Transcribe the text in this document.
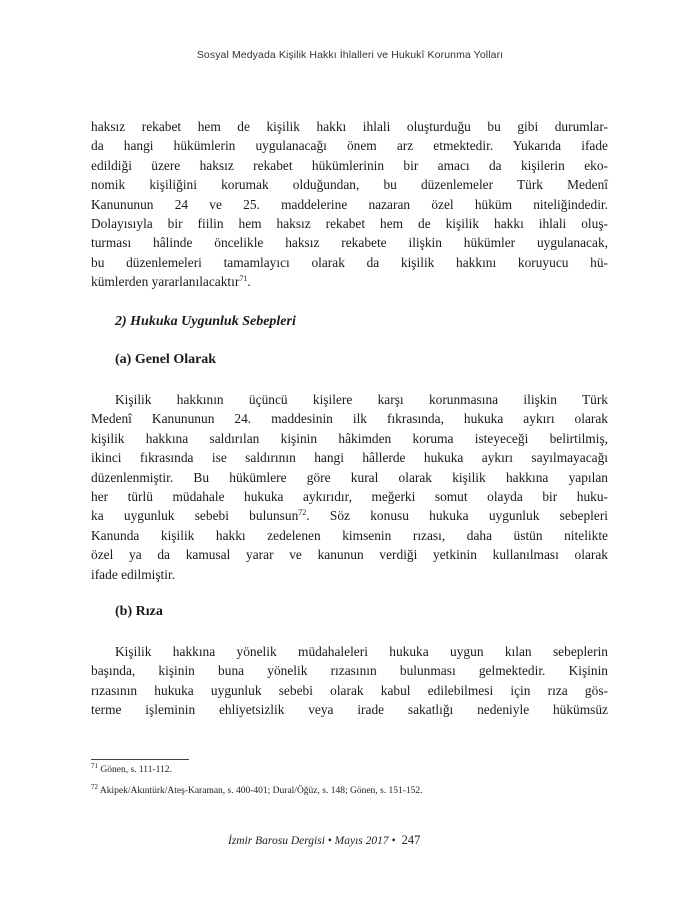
Sosyal Medyada Kişilik Hakkı İhlalleri ve Hukukî Korunma Yolları

haksız rekabet hem de kişilik hakkı ihlali oluşturduğu bu gibi durumlar-
da hangi hükümlerin uygulanacağı önem arz etmektedir. Yukarıda ifade
edildiği üzere haksız rekabet hükümlerinin bir amacı da kişilerin eko-
nomik kişiliğini korumak olduğundan, bu düzenlemeler Türk Medenî
Kanununun 24 ve 25. maddelerine nazaran özel hüküm niteliğindedir.
Dolayısıyla bir fiilin hem haksız rekabet hem de kişilik hakkı ihlali oluş-
turması hâlinde öncelikle haksız rekabete ilişkin hükümler uygulanacak,
bu düzenlemeleri tamamlayıcı olarak da kişilik hakkını koruyucu hü-
kümlerden yararlanılacaktır$^{71}$.

2) Hukuka Uygunluk Sebepleri
(a) Genel Olarak

Kişilik hakkının üçüncü kişilere karşı korunmasına ilişkin Türk
Medenî Kanununun 24. maddesinin ilk fıkrasında, hukuka aykırı olarak
kişilik hakkına saldırılan kişinin hâkimden koruma isteyeceği belirtilmiş,
ikinci fıkrasında ise saldırının hangi hâllerde hukuka aykırı sayılmayacağı
düzenlenmiştir. Bu hükümlere göre kural olarak kişilik hakkına yapılan
her türlü müdahale hukuka aykırıdır, meğerki somut olayda bir huku-
ka uygunluk sebebi bulunsun$^{72}$. Söz konusu hukuka uygunluk sebepleri
Kanunda kişilik hakkı zedelenen kimsenin rızası, daha üstün nitelikte
özel ya da kamusal yarar ve kanunun verdiği yetkinin kullanılması olarak
ifade edilmiştir.

(b) Rıza

Kişilik hakkına yönelik müdahaleleri hukuka uygun kılan sebeplerin
başında, kişinin buna yönelik rızasının bulunması gelmektedir. Kişinin
rızasının hukuka uygunluk sebebi olarak kabul edilebilmesi için rıza gös-
terme işleminin ehliyetsizlik veya irade sakatlığı nedeniyle hükümsüz

$^{71}$ Gönen, s. 111-112.
$^{72}$ Akipek/Akıntürk/Ateş-Karaman, s. 400-401; Dural/Öğüz, s. 148; Gönen, s. 151-152.
İzmir Barosu Dergisi • Mayıs 2017 • 247
